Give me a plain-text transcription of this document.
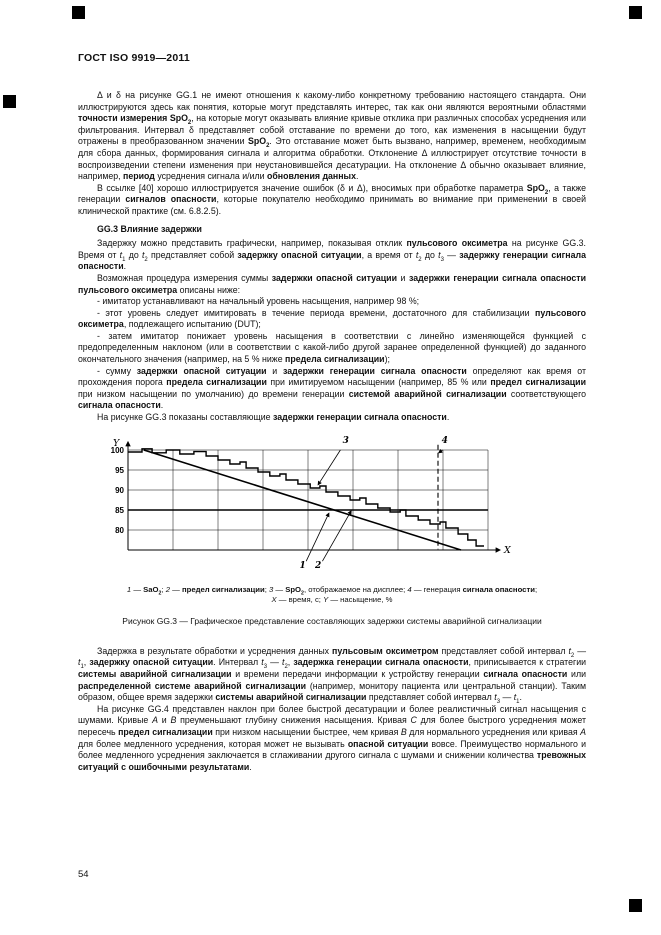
ГОСТ ISO 9919—2011

Δ и δ на рисунке GG.1 не имеют отношения к какому-либо конкретному требованию настоящего стандарта. Они иллюстрируются здесь как понятия, которые могут представлять интерес, так как они являются вероятными областями точности измерения SpO$_2$, на которые могут оказывать влияние кривые отклика при различных способах усреднения или фильтрования. Интервал δ представляет собой отставание по времени до того, как изменения в насыщении будут отражены в преобразованном значении SpO$_2$. Это отставание может быть вызвано, например, временем, необходимым для сбора данных, формирования сигнала и алгоритма обработки. Отклонение Δ иллюстрирует отсутствие точности в воспроизведении степени изменения при неустановившейся десатурации. На отклонение Δ обычно оказывает влияние, например, период усреднения сигнала и/или обновления данных.

В ссылке [40] хорошо иллюстрируется значение ошибок (δ и Δ), вносимых при обработке параметра SpO$_2$, а также генерации сигналов опасности, которые покупателю необходимо принимать во внимание при применении в своей клинической практике (см. 6.8.2.5).

GG.3 Влияние задержки

Задержку можно представить графически, например, показывая отклик пульсового оксиметра на рисунке GG.3. Время от $t_1$ до $t_2$ представляет собой задержку опасной ситуации, а время от $t_2$ до $t_3$ — задержку генерации сигнала опасности.

Возможная процедура измерения суммы задержки опасной ситуации и задержки генерации сигнала опасности пульсового оксиметра описаны ниже:

- имитатор устанавливают на начальный уровень насыщения, например 98 %;

- этот уровень следует имитировать в течение периода времени, достаточного для стабилизации пульсового оксиметра, подлежащего испытанию (DUT);

- затем имитатор понижает уровень насыщения в соответствии с линейно изменяющейся функцией с предопределенным наклоном (или в соответствии с какой-либо другой заранее определенной функцией) до заданного окончательного значения (например, на 5 % ниже предела сигнализации);

- сумму задержки опасной ситуации и задержки генерации сигнала опасности определяют как время от прохождения порога предела сигнализации при имитируемом насыщении (например, 85 % или предел сигнализации при низком насыщении по умолчанию) до времени генерации системой аварийной сигнализации соответствующего сигнала опасности.

На рисунке GG.3 показаны составляющие задержки генерации сигнала опасности.

100
95
90
85
80
Y
X
3	4
1 2
1 — SaO$_2$; 2 — предел сигнализации; 3 — SpO$_2$, отображаемое на дисплее; 4 — генерация сигнала опасности;
X — время, с; Y — насыщение, %
Рисунок GG.3 — Графическое представление составляющих задержки системы аварийной сигнализации

Задержка в результате обработки и усреднения данных пульсовым оксиметром представляет собой интервал $t_2$ — $t_1$, задержку опасной ситуации. Интервал $t_3$ — $t_2$, задержка генерации сигнала опасности, приписывается к стратегии системы аварийной сигнализации и времени передачи информации к устройству генерации сигнала опасности или распределенной системе аварийной сигнализации (например, монитору пациента или центральной станции). Таким образом, общее время задержки системы аварийной сигнализации представляет собой интервал $t_3$ — $t_1$.

На рисунке GG.4 представлен наклон при более быстрой десатурации и более реалистичный сигнал насыщения с шумами. Кривые A и B преуменьшают глубину снижения насыщения. Кривая C для более быстрого усреднения может пересечь предел сигнализации при низком насыщении быстрее, чем кривая B для нормального усреднения или кривая A для более медленного усреднения, которая может не вызывать опасной ситуации вовсе. Преимущество нормального и более медленного усреднения заключается в сглаживании другого сигнала с шумами и снижении количества тревожных ситуаций с ошибочными результатами.

54
